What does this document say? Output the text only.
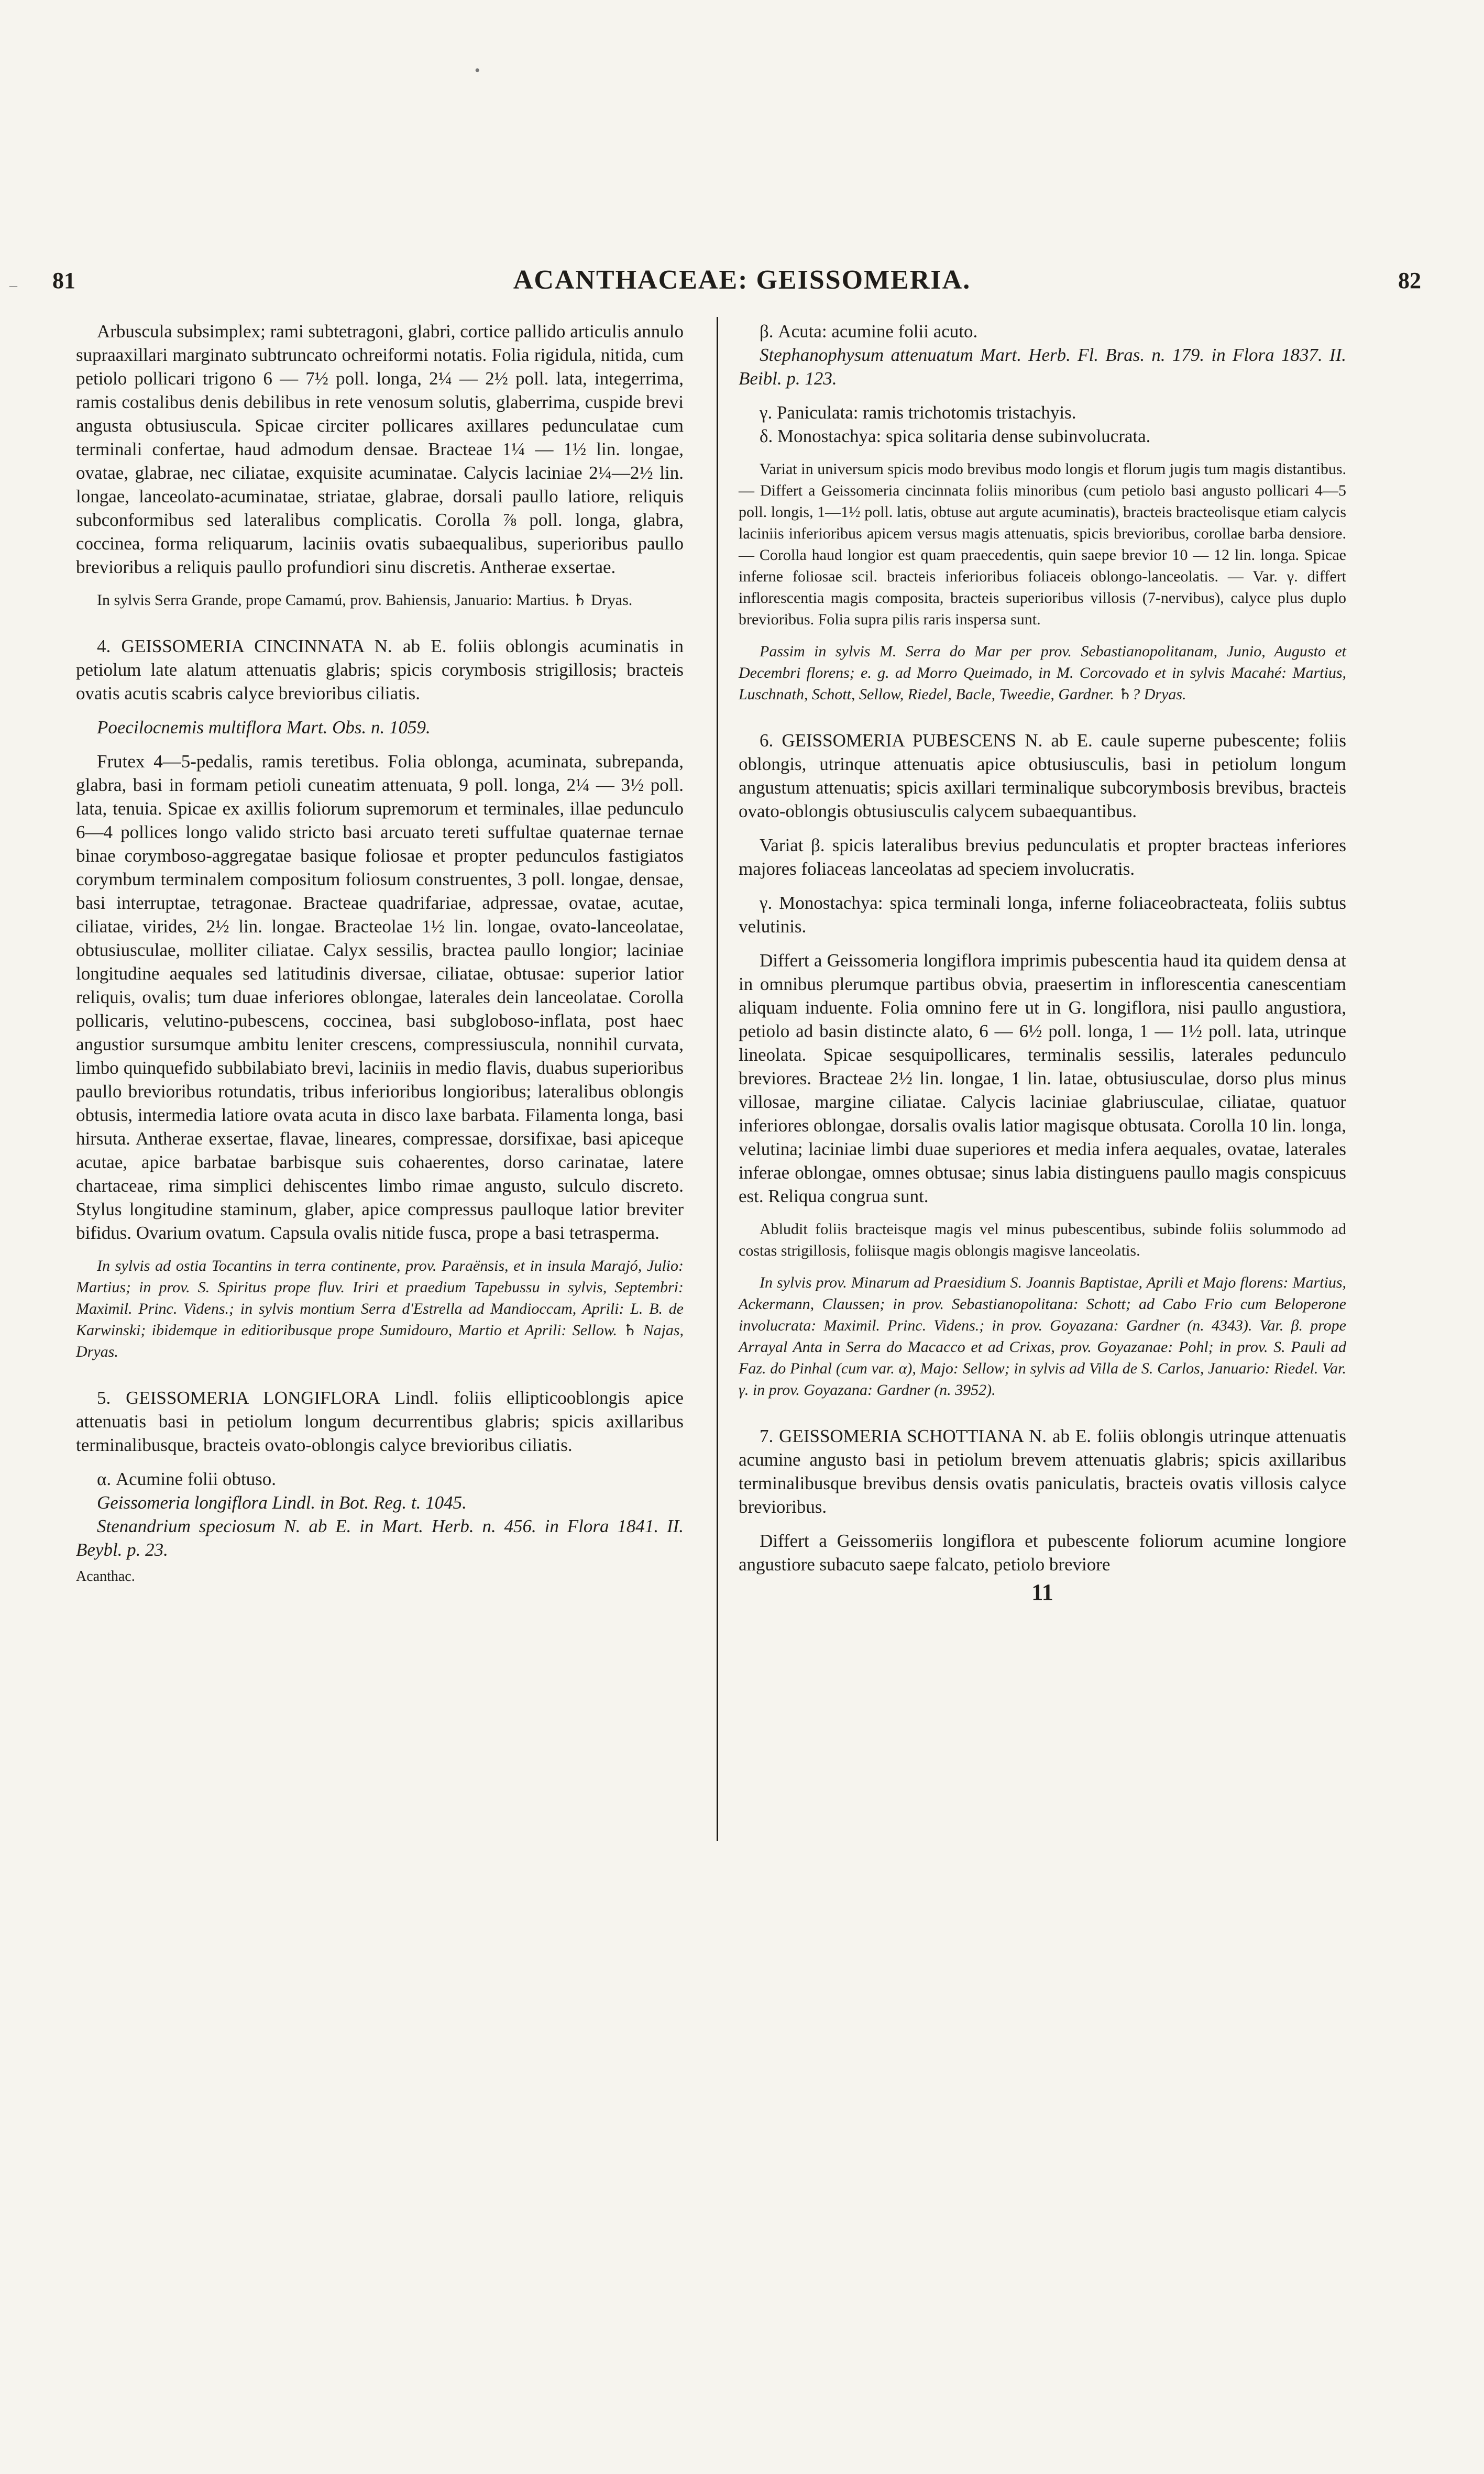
•
– 81	ACANTHACEAE: GEISSOMERIA.	82

Arbuscula subsimplex; rami subtetragoni, glabri, cortice pallido articulis annulo supraaxillari marginato subtruncato ochreiformi notatis. Folia rigidula, nitida, cum petiolo pollicari trigono 6 — 7½ poll. longa, 2¼ — 2½ poll. lata, integerrima, ramis costalibus denis debilibus in rete venosum solutis, glaberrima, cuspide brevi angusta obtusiuscula. Spicae circiter pollicares axillares pedunculatae cum terminali confertae, haud admodum densae. Bracteae 1¼ — 1½ lin. longae, ovatae, glabrae, nec ciliatae, exquisite acuminatae. Calycis laciniae 2¼—2½ lin. longae, lanceolato-acuminatae, striatae, glabrae, dorsali paullo latiore, reliquis subconformibus sed lateralibus complicatis. Corolla ⅞ poll. longa, glabra, coccinea, forma reliquarum, laciniis ovatis subaequalibus, superioribus paullo brevioribus a reliquis paullo profundiori sinu discretis. Antherae exsertae.

In sylvis Serra Grande, prope Camamú, prov. Bahiensis, Januario: Martius. ♄ Dryas.

4. GEISSOMERIA CINCINNATA N. ab E. foliis oblongis acuminatis in petiolum late alatum attenuatis glabris; spicis corymbosis strigillosis; bracteis ovatis acutis scabris calyce brevioribus ciliatis.

Poecilocnemis multiflora Mart. Obs. n. 1059.

Frutex 4—5-pedalis, ramis teretibus. Folia oblonga, acuminata, subrepanda, glabra, basi in formam petioli cuneatim attenuata, 9 poll. longa, 2¼ — 3½ poll. lata, tenuia. Spicae ex axillis foliorum supremorum et terminales, illae pedunculo 6—4 pollices longo valido stricto basi arcuato tereti suffultae quaternae ternae binae corymboso-aggregatae basique foliosae et propter pedunculos fastigiatos corymbum terminalem compositum foliosum construentes, 3 poll. longae, densae, basi interruptae, tetragonae. Bracteae quadrifariae, adpressae, ovatae, acutae, ciliatae, virides, 2½ lin. longae. Bracteolae 1½ lin. longae, ovato-lanceolatae, obtusiusculae, molliter ciliatae. Calyx sessilis, bractea paullo longior; laciniae longitudine aequales sed latitudinis diversae, ciliatae, obtusae: superior latior reliquis, ovalis; tum duae inferiores oblongae, laterales dein lanceolatae. Corolla pollicaris, velutino-pubescens, coccinea, basi subgloboso-inflata, post haec angustior sursumque ambitu leniter crescens, compressiuscula, nonnihil curvata, limbo quinquefido subbilabiato brevi, laciniis in medio flavis, duabus superioribus paullo brevioribus rotundatis, tribus inferioribus longioribus; lateralibus oblongis obtusis, intermedia latiore ovata acuta in disco laxe barbata. Filamenta longa, basi hirsuta. Antherae exsertae, flavae, lineares, compressae, dorsifixae, basi apiceque acutae, apice barbatae barbisque suis cohaerentes, dorso carinatae, latere chartaceae, rima simplici dehiscentes limbo rimae angusto, sulculo discreto. Stylus longitudine staminum, glaber, apice compressus paulloque latior breviter bifidus. Ovarium ovatum. Capsula ovalis nitide fusca, prope a basi tetrasperma.

In sylvis ad ostia Tocantins in terra continente, prov. Paraënsis, et in insula Marajó, Julio: Martius; in prov. S. Spiritus prope fluv. Iriri et praedium Tapebussu in sylvis, Septembri: Maximil. Princ. Videns.; in sylvis montium Serra d'Estrella ad Mandioccam, Aprili: L. B. de Karwinski; ibidemque in editioribusque prope Sumidouro, Martio et Aprili: Sellow. ♄ Najas, Dryas.

5. GEISSOMERIA LONGIFLORA Lindl. foliis ellipticooblongis apice attenuatis basi in petiolum longum decurrentibus glabris; spicis axillaribus terminalibusque, bracteis ovato-oblongis calyce brevioribus ciliatis.

α. Acumine folii obtuso.

Geissomeria longiflora Lindl. in Bot. Reg. t. 1045.

Stenandrium speciosum N. ab E. in Mart. Herb. n. 456. in Flora 1841. II. Beybl. p. 23.

Acanthac.

β. Acuta: acumine folii acuto.

Stephanophysum attenuatum Mart. Herb. Fl. Bras. n. 179. in Flora 1837. II. Beibl. p. 123.

γ. Paniculata: ramis trichotomis tristachyis.

δ. Monostachya: spica solitaria dense subinvolucrata.

Variat in universum spicis modo brevibus modo longis et florum jugis tum magis distantibus. — Differt a Geissomeria cincinnata foliis minoribus (cum petiolo basi angusto pollicari 4—5 poll. longis, 1—1½ poll. latis, obtuse aut argute acuminatis), bracteis bracteolisque etiam calycis laciniis inferioribus apicem versus magis attenuatis, spicis brevioribus, corollae barba densiore. — Corolla haud longior est quam praecedentis, quin saepe brevior 10 — 12 lin. longa. Spicae inferne foliosae scil. bracteis inferioribus foliaceis oblongo-lanceolatis. — Var. γ. differt inflorescentia magis composita, bracteis superioribus villosis (7-nervibus), calyce plus duplo brevioribus. Folia supra pilis raris inspersa sunt.

Passim in sylvis M. Serra do Mar per prov. Sebastianopolitanam, Junio, Augusto et Decembri florens; e. g. ad Morro Queimado, in M. Corcovado et in sylvis Macahé: Martius, Luschnath, Schott, Sellow, Riedel, Bacle, Tweedie, Gardner. ♄? Dryas.

6. GEISSOMERIA PUBESCENS N. ab E. caule superne pubescente; foliis oblongis, utrinque attenuatis apice obtusiusculis, basi in petiolum longum angustum attenuatis; spicis axillari terminalique subcorymbosis brevibus, bracteis ovato-oblongis obtusiusculis calycem subaequantibus.

Variat β. spicis lateralibus brevius pedunculatis et propter bracteas inferiores majores foliaceas lanceolatas ad speciem involucratis.

γ. Monostachya: spica terminali longa, inferne foliaceobracteata, foliis subtus velutinis.

Differt a Geissomeria longiflora imprimis pubescentia haud ita quidem densa at in omnibus plerumque partibus obvia, praesertim in inflorescentia canescentiam aliquam induente. Folia omnino fere ut in G. longiflora, nisi paullo angustiora, petiolo ad basin distincte alato, 6 — 6½ poll. longa, 1 — 1½ poll. lata, utrinque lineolata. Spicae sesquipollicares, terminalis sessilis, laterales pedunculo breviores. Bracteae 2½ lin. longae, 1 lin. latae, obtusiusculae, dorso plus minus villosae, margine ciliatae. Calycis laciniae glabriusculae, ciliatae, quatuor inferiores oblongae, dorsalis ovalis latior magisque obtusata. Corolla 10 lin. longa, velutina; laciniae limbi duae superiores et media infera aequales, ovatae, laterales inferae oblongae, omnes obtusae; sinus labia distinguens paullo magis conspicuus est. Reliqua congrua sunt.

Abludit foliis bracteisque magis vel minus pubescentibus, subinde foliis solummodo ad costas strigillosis, foliisque magis oblongis magisve lanceolatis.

In sylvis prov. Minarum ad Praesidium S. Joannis Baptistae, Aprili et Majo florens: Martius, Ackermann, Claussen; in prov. Sebastianopolitana: Schott; ad Cabo Frio cum Beloperone involucrata: Maximil. Princ. Videns.; in prov. Goyazana: Gardner (n. 4343). Var. β. prope Arrayal Anta in Serra do Macacco et ad Crixas, prov. Goyazanae: Pohl; in prov. S. Pauli ad Faz. do Pinhal (cum var. α), Majo: Sellow; in sylvis ad Villa de S. Carlos, Januario: Riedel. Var. γ. in prov. Goyazana: Gardner (n. 3952).

7. GEISSOMERIA SCHOTTIANA N. ab E. foliis oblongis utrinque attenuatis acumine angusto basi in petiolum brevem attenuatis glabris; spicis axillaribus terminalibusque brevibus densis ovatis paniculatis, bracteis ovatis villosis calyce brevioribus.

Differt a Geissomeriis longiflora et pubescente foliorum acumine longiore angustiore subacuto saepe falcato, petiolo breviore

11
